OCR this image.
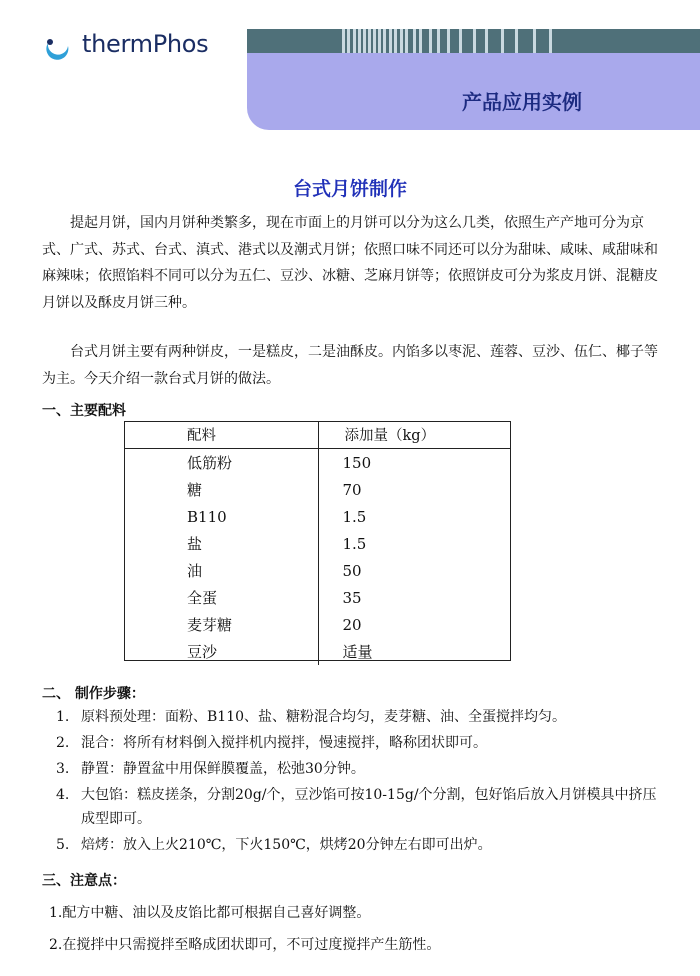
thermPhos
产品应用实例
台式月饼制作
提起月饼，国内月饼种类繁多，现在市面上的月饼可以分为这么几类，依照生产产地可分为京式、广式、苏式、台式、滇式、港式以及潮式月饼；依照口味不同还可以分为甜味、咸味、咸甜味和麻辣味；依照馅料不同可以分为五仁、豆沙、冰糖、芝麻月饼等；依照饼皮可分为浆皮月饼、混糖皮月饼以及酥皮月饼三种。
台式月饼主要有两种饼皮，一是糕皮，二是油酥皮。内馅多以枣泥、莲蓉、豆沙、伍仁、椰子等为主。今天介绍一款台式月饼的做法。
一、主要配料
配料	添加量（kg）
低筋粉	150
糖	70
B110	1.5
盐	1.5
油	50
全蛋	35
麦芽糖	20
豆沙	适量
二、 制作步骤：
1. 原料预处理：面粉、B110、盐、糖粉混合均匀，麦芽糖、油、全蛋搅拌均匀。
2. 混合：将所有材料倒入搅拌机内搅拌，慢速搅拌，略称团状即可。
3. 静置：静置盆中用保鲜膜覆盖，松弛30分钟。
4. 大包馅：糕皮搓条，分割20g/个，豆沙馅可按10-15g/个分割，包好馅后放入月饼模具中挤压成型即可。
5. 焙烤：放入上火210℃，下火150℃，烘烤20分钟左右即可出炉。
三、注意点：
1.配方中糖、油以及皮馅比都可根据自己喜好调整。
2.在搅拌中只需搅拌至略成团状即可，不可过度搅拌产生筋性。
